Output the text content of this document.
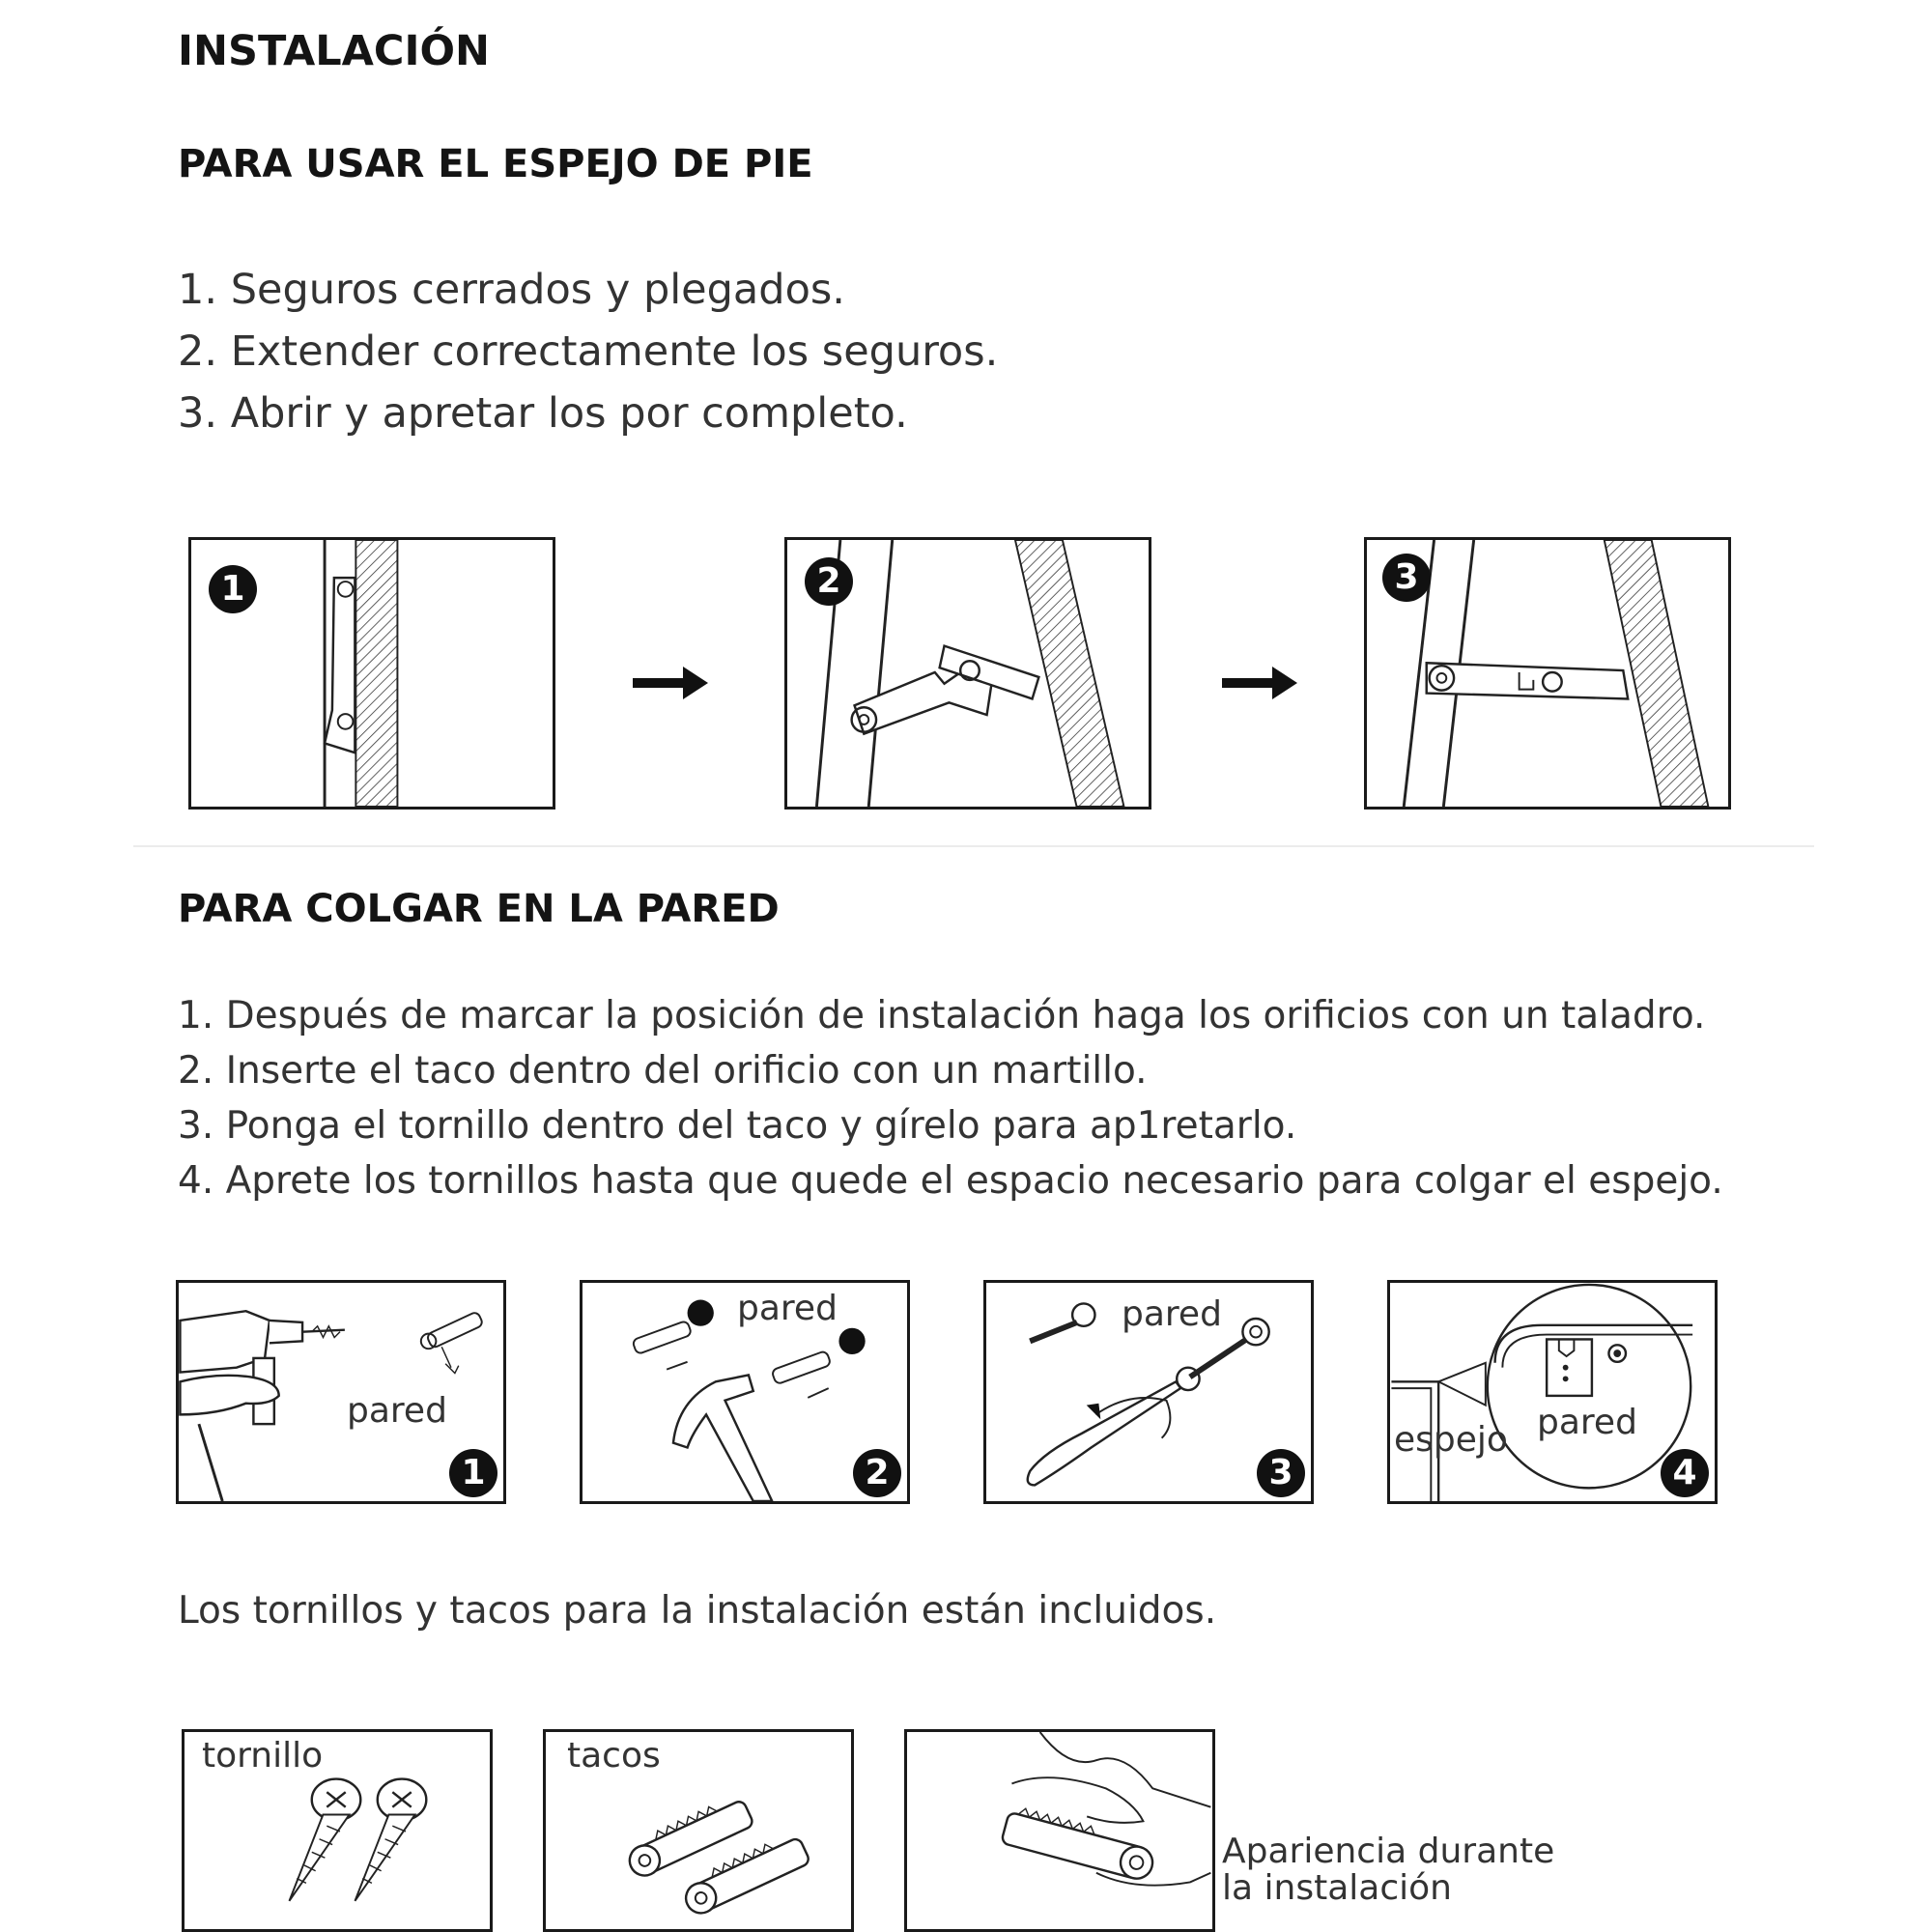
INSTALACIÓN
PARA USAR EL ESPEJO DE PIE
1. Seguros cerrados y plegados.
2. Extender correctamente los seguros.
3. Abrir y apretar los por completo.
1	2	3
PARA COLGAR EN LA PARED
1. Después de marcar la posición de instalación haga los orificios con un taladro.
2. Inserte el taco dentro del orificio con un martillo.
3. Ponga el tornillo dentro del taco y gírelo para ap1retarlo.
4. Aprete los tornillos hasta que quede el espacio necesario para colgar el espejo.
pared
1
pared
2
pared
3
espejo pared
4
Los tornillos y tacos para la instalación están incluidos.
tornillo	tacos
Apariencia durante
la instalación
